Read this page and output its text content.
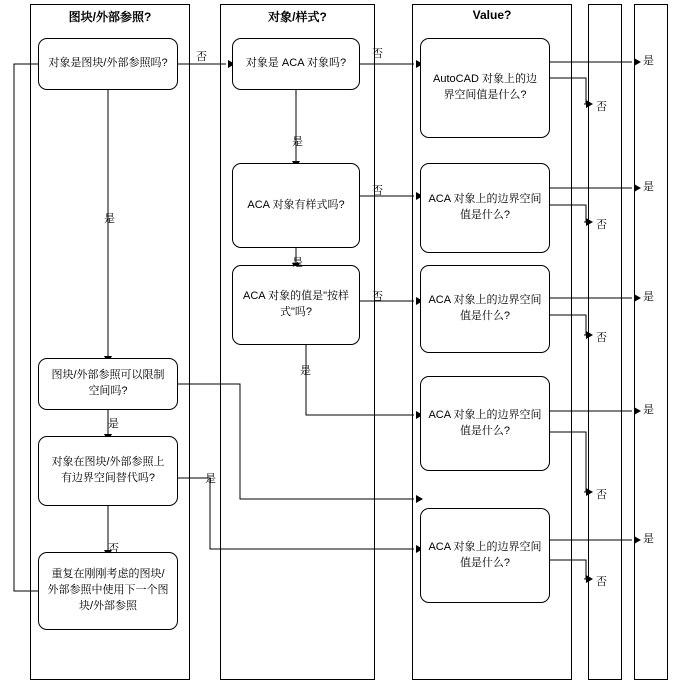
图块/外部参照?	对象/样式?	Value?
对象是图块/外部参照吗?
图块/外部参照可以限制空间吗?
对象在图块/外部参照上有边界空间替代吗?
重复在刚刚考虑的图块/外部参照中使用下一个图块/外部参照
对象是 ACA 对象吗?
ACA 对象有样式吗?
ACA 对象的值是"按样式"吗?
AutoCAD 对象上的边界空间值是什么?
ACA 对象上的边界空间值是什么?
ACA 对象上的边界空间值是什么?
ACA 对象上的边界空间值是什么?
ACA 对象上的边界空间值是什么?
否
是
是
否
是
否
是
否
是
否
是
是
否
是
否
是
否
是
否
是
否
